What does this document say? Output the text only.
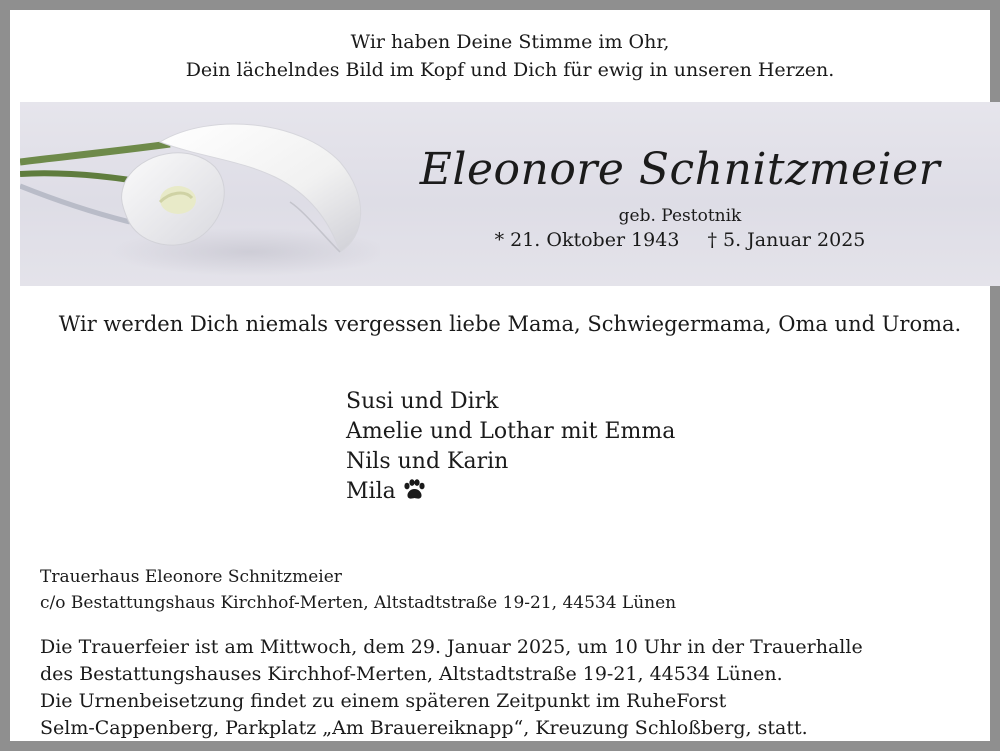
Wir haben Deine Stimme im Ohr,
Dein lächelndes Bild im Kopf und Dich für ewig in unseren Herzen.
Eleonore Schnitzmeier
geb. Pestotnik
* 21. Oktober 1943 † 5. Januar 2025
Wir werden Dich niemals vergessen liebe Mama, Schwiegermama, Oma und Uroma.
Susi und Dirk
Amelie und Lothar mit Emma
Nils und Karin
Mila
Trauerhaus Eleonore Schnitzmeier
c/o Bestattungshaus Kirchhof-Merten, Altstadtstraße 19-21, 44534 Lünen
Die Trauerfeier ist am Mittwoch, dem 29. Januar 2025, um 10 Uhr in der Trauerhalle
des Bestattungshauses Kirchhof-Merten, Altstadtstraße 19-21, 44534 Lünen.
Die Urnenbeisetzung findet zu einem späteren Zeitpunkt im RuheForst
Selm-Cappenberg, Parkplatz „Am Brauereiknapp“, Kreuzung Schloßberg, statt.
